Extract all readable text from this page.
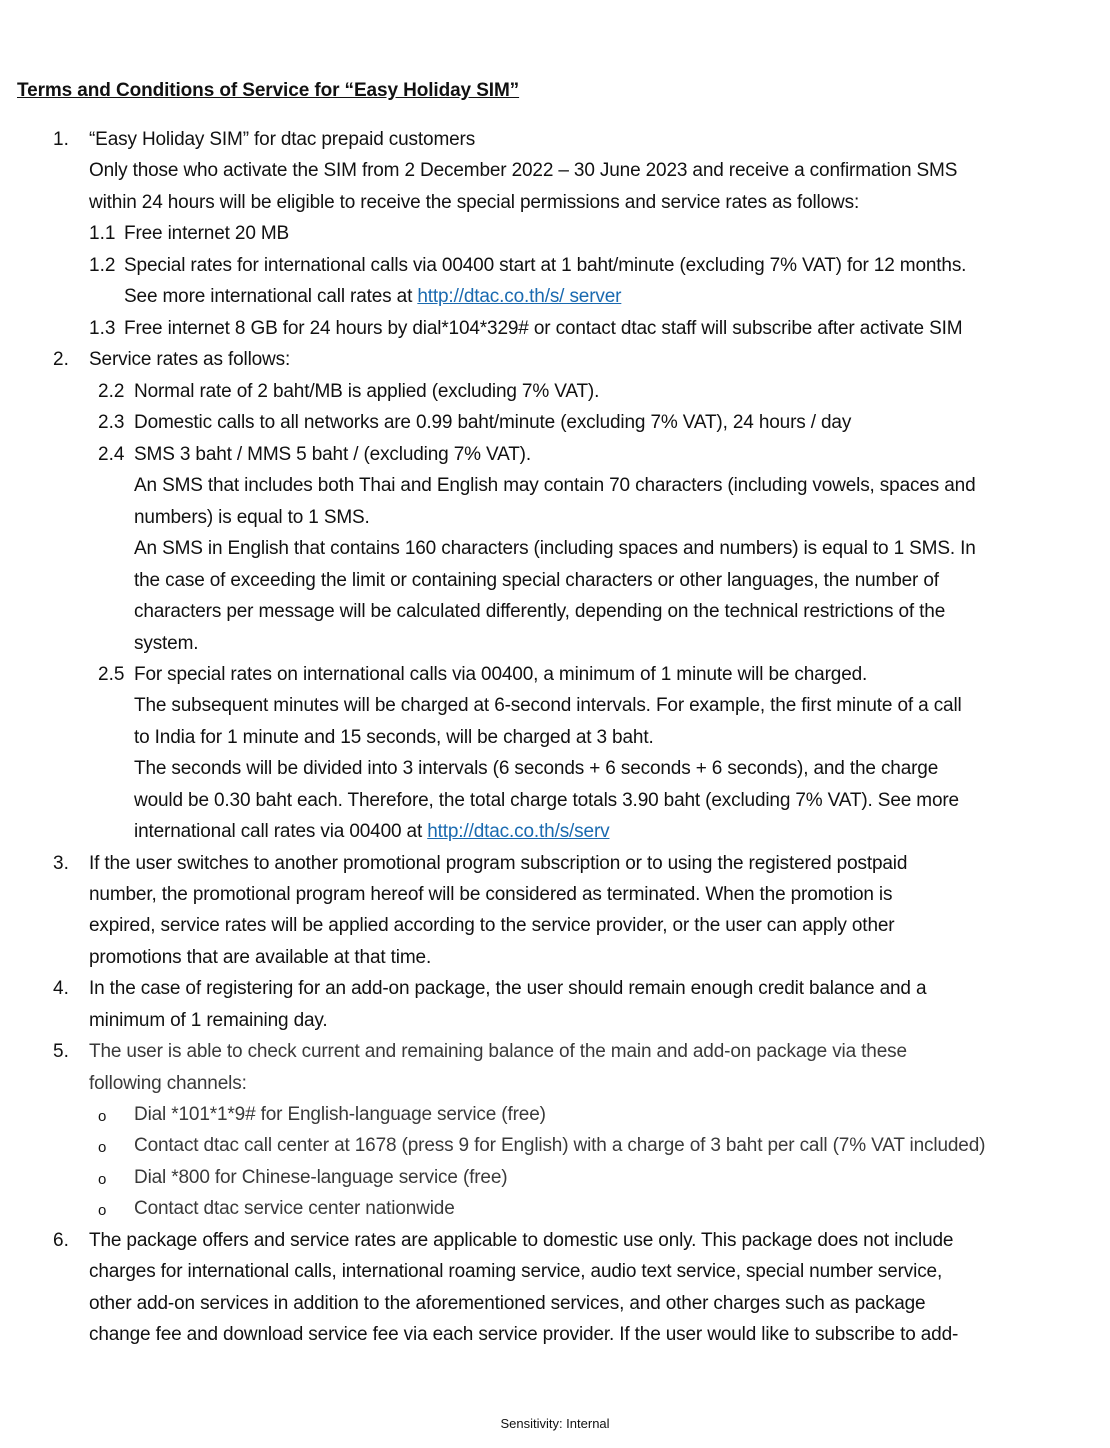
Terms and Conditions of Service for “Easy Holiday SIM”
1. “Easy Holiday SIM” for dtac prepaid customers
Only those who activate the SIM from 2 December 2022 – 30 June 2023 and receive a confirmation SMS
within 24 hours will be eligible to receive the special permissions and service rates as follows:
1.1 Free internet 20 MB
1.2 Special rates for international calls via 00400 start at 1 baht/minute (excluding 7% VAT) for 12 months.
See more international call rates at http://dtac.co.th/s/ server
1.3 Free internet 8 GB for 24 hours by dial*104*329# or contact dtac staff will subscribe after activate SIM
2. Service rates as follows:
2.2 Normal rate of 2 baht/MB is applied (excluding 7% VAT).
2.3 Domestic calls to all networks are 0.99 baht/minute (excluding 7% VAT), 24 hours / day
2.4 SMS 3 baht / MMS 5 baht / (excluding 7% VAT).
An SMS that includes both Thai and English may contain 70 characters (including vowels, spaces and
numbers) is equal to 1 SMS.
An SMS in English that contains 160 characters (including spaces and numbers) is equal to 1 SMS. In
the case of exceeding the limit or containing special characters or other languages, the number of
characters per message will be calculated differently, depending on the technical restrictions of the
system.
2.5 For special rates on international calls via 00400, a minimum of 1 minute will be charged.
The subsequent minutes will be charged at 6-second intervals. For example, the first minute of a call
to India for 1 minute and 15 seconds, will be charged at 3 baht.
The seconds will be divided into 3 intervals (6 seconds + 6 seconds + 6 seconds), and the charge
would be 0.30 baht each. Therefore, the total charge totals 3.90 baht (excluding 7% VAT). See more
international call rates via 00400 at http://dtac.co.th/s/serv
3. If the user switches to another promotional program subscription or to using the registered postpaid
number, the promotional program hereof will be considered as terminated. When the promotion is
expired, service rates will be applied according to the service provider, or the user can apply other
promotions that are available at that time.
4. In the case of registering for an add-on package, the user should remain enough credit balance and a
minimum of 1 remaining day.
5. The user is able to check current and remaining balance of the main and add-on package via these
following channels:
o Dial *101*1*9# for English-language service (free)
o Contact dtac call center at 1678 (press 9 for English) with a charge of 3 baht per call (7% VAT included)
o Dial *800 for Chinese-language service (free)
o Contact dtac service center nationwide
6. The package offers and service rates are applicable to domestic use only. This package does not include
charges for international calls, international roaming service, audio text service, special number service,
other add-on services in addition to the aforementioned services, and other charges such as package
change fee and download service fee via each service provider. If the user would like to subscribe to add-
Sensitivity: Internal
